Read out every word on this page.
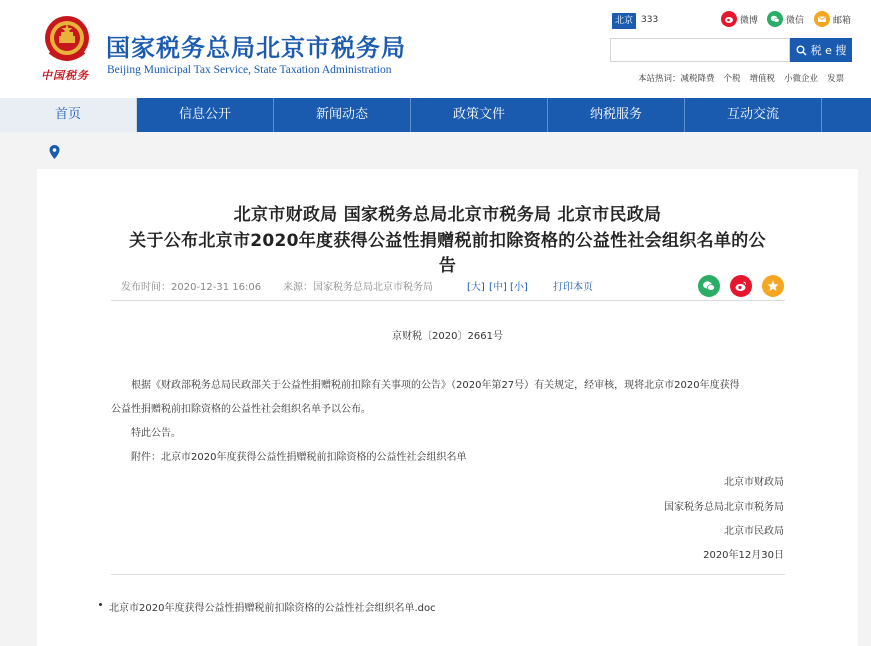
中国税务
国家税务总局北京市税务局
Beijing Municipal Tax Service, State Taxation Administration
北京 333	微博	微信	邮箱
税 e 搜
本站热词：减税降费 个税 增值税 小微企业 发票
首页	信息公开	新闻动态	政策文件	纳税服务	互动交流
北京市财政局 国家税务总局北京市税务局 北京市民政局
关于公布北京市2020年度获得公益性捐赠税前扣除资格的公益性社会组织名单的公
告
发布时间：2020-12-31 16:06 来源：国家税务总局北京市税务局	[大] [中] [小]	打印本页
京财税〔2020〕2661号
根据《财政部税务总局民政部关于公益性捐赠税前扣除有关事项的公告》（2020年第27号）有关规定，经审核，现将北京市2020年度获得
公益性捐赠税前扣除资格的公益性社会组织名单予以公布。
特此公告。
附件：北京市2020年度获得公益性捐赠税前扣除资格的公益性社会组织名单
北京市财政局
国家税务总局北京市税务局
北京市民政局
2020年12月30日
北京市2020年度获得公益性捐赠税前扣除资格的公益性社会组织名单.doc
